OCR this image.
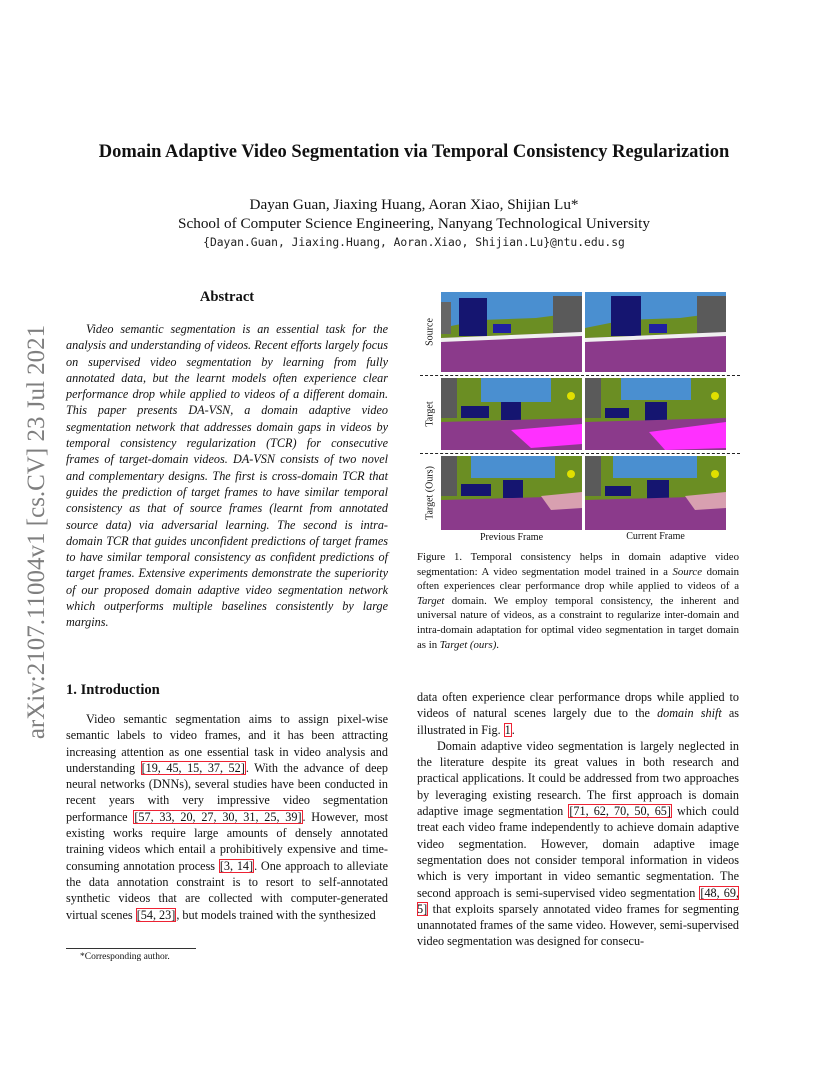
arXiv:2107.11004v1 [cs.CV] 23 Jul 2021
Domain Adaptive Video Segmentation via Temporal Consistency Regularization
Dayan Guan, Jiaxing Huang, Aoran Xiao, Shijian Lu*
School of Computer Science Engineering, Nanyang Technological University
{Dayan.Guan, Jiaxing.Huang, Aoran.Xiao, Shijian.Lu}@ntu.edu.sg
Abstract

Video semantic segmentation is an essential task for the analysis and understanding of videos. Recent efforts largely focus on supervised video segmentation by learning from fully annotated data, but the learnt models often experience clear performance drop while applied to videos of a different domain. This paper presents DA-VSN, a domain adaptive video segmentation network that addresses domain gaps in videos by temporal consistency regularization (TCR) for consecutive frames of target-domain videos. DA-VSN consists of two novel and complementary designs. The first is cross-domain TCR that guides the prediction of target frames to have similar temporal consistency as that of source frames (learnt from annotated source data) via adversarial learning. The second is intra-domain TCR that guides unconfident predictions of target frames to have similar temporal consistency as confident predictions of target frames. Extensive experiments demonstrate the superiority of our proposed domain adaptive video segmentation network which outperforms multiple baselines consistently by large margins.

1. Introduction

Video semantic segmentation aims to assign pixel-wise semantic labels to video frames, and it has been attracting increasing attention as one essential task in video analysis and understanding [19, 45, 15, 37, 52]. With the advance of deep neural networks (DNNs), several studies have been conducted in recent years with very impressive video segmentation performance [57, 33, 20, 27, 30, 31, 25, 39]. However, most existing works require large amounts of densely annotated training videos which entail a prohibitively expensive and time-consuming annotation process [3, 14]. One approach to alleviate the data annotation constraint is to resort to self-annotated synthetic videos that are collected with computer-generated virtual scenes [54, 23], but models trained with the synthesized

*Corresponding author.
Source
Target
Target (Ours)
Previous Frame	Current Frame
Figure 1. Temporal consistency helps in domain adaptive video segmentation: A video segmentation model trained in a Source domain often experiences clear performance drop while applied to videos of a Target domain. We employ temporal consistency, the inherent and universal nature of videos, as a constraint to regularize inter-domain and intra-domain adaptation for optimal video segmentation in target domain as in Target (ours).

data often experience clear performance drops while applied to videos of natural scenes largely due to the domain shift as illustrated in Fig. 1.

Domain adaptive video segmentation is largely neglected in the literature despite its great values in both research and practical applications. It could be addressed from two approaches by leveraging existing research. The first approach is domain adaptive image segmentation [71, 62, 70, 50, 65] which could treat each video frame independently to achieve domain adaptive video segmentation. However, domain adaptive image segmentation does not consider temporal information in videos which is very important in video semantic segmentation. The second approach is semi-supervised video segmentation [48, 69, 5] that exploits sparsely annotated video frames for segmenting unannotated frames of the same video. However, semi-supervised video segmentation was designed for consecu-
